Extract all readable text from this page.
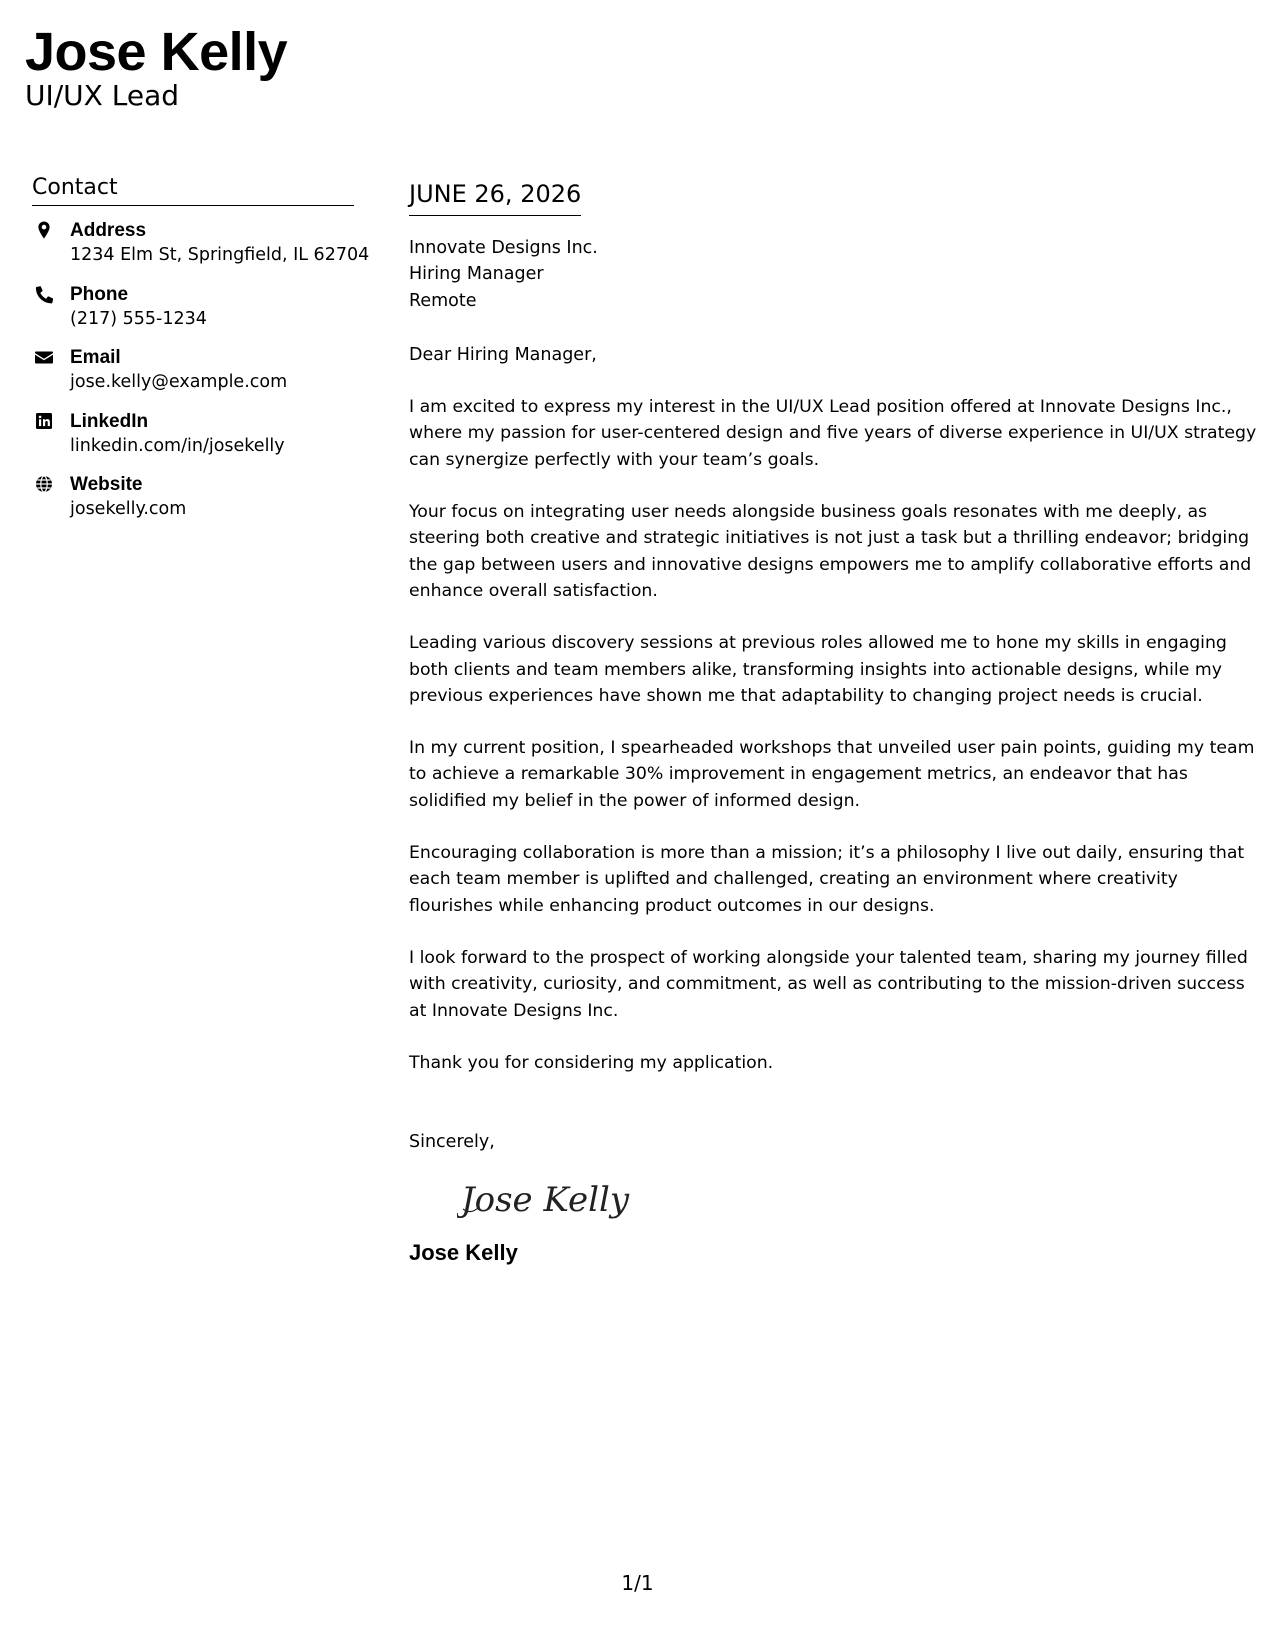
Jose Kelly
UI/UX Lead
Contact
Address
1234 Elm St, Springfield, IL 62704
Phone
(217) 555-1234
Email
jose.kelly@example.com
LinkedIn
linkedin.com/in/josekelly
Website
josekelly.com
JUNE 26, 2026
Innovate Designs Inc.
Hiring Manager
Remote
Dear Hiring Manager,
I am excited to express my interest in the UI/UX Lead position offered at Innovate Designs Inc., where my passion for user-centered design and five years of diverse experience in UI/UX strategy can synergize perfectly with your team’s goals.
Your focus on integrating user needs alongside business goals resonates with me deeply, as steering both creative and strategic initiatives is not just a task but a thrilling endeavor; bridging the gap between users and innovative designs empowers me to amplify collaborative efforts and enhance overall satisfaction.
Leading various discovery sessions at previous roles allowed me to hone my skills in engaging both clients and team members alike, transforming insights into actionable designs, while my previous experiences have shown me that adaptability to changing project needs is crucial.
In my current position, I spearheaded workshops that unveiled user pain points, guiding my team to achieve a remarkable 30% improvement in engagement metrics, an endeavor that has solidified my belief in the power of informed design.
Encouraging collaboration is more than a mission; it’s a philosophy I live out daily, ensuring that each team member is uplifted and challenged, creating an environment where creativity flourishes while enhancing product outcomes in our designs.
I look forward to the prospect of working alongside your talented team, sharing my journey filled with creativity, curiosity, and commitment, as well as contributing to the mission-driven success at Innovate Designs Inc.
Thank you for considering my application.
Sincerely,
Jose Kelly
Jose Kelly
1/1
